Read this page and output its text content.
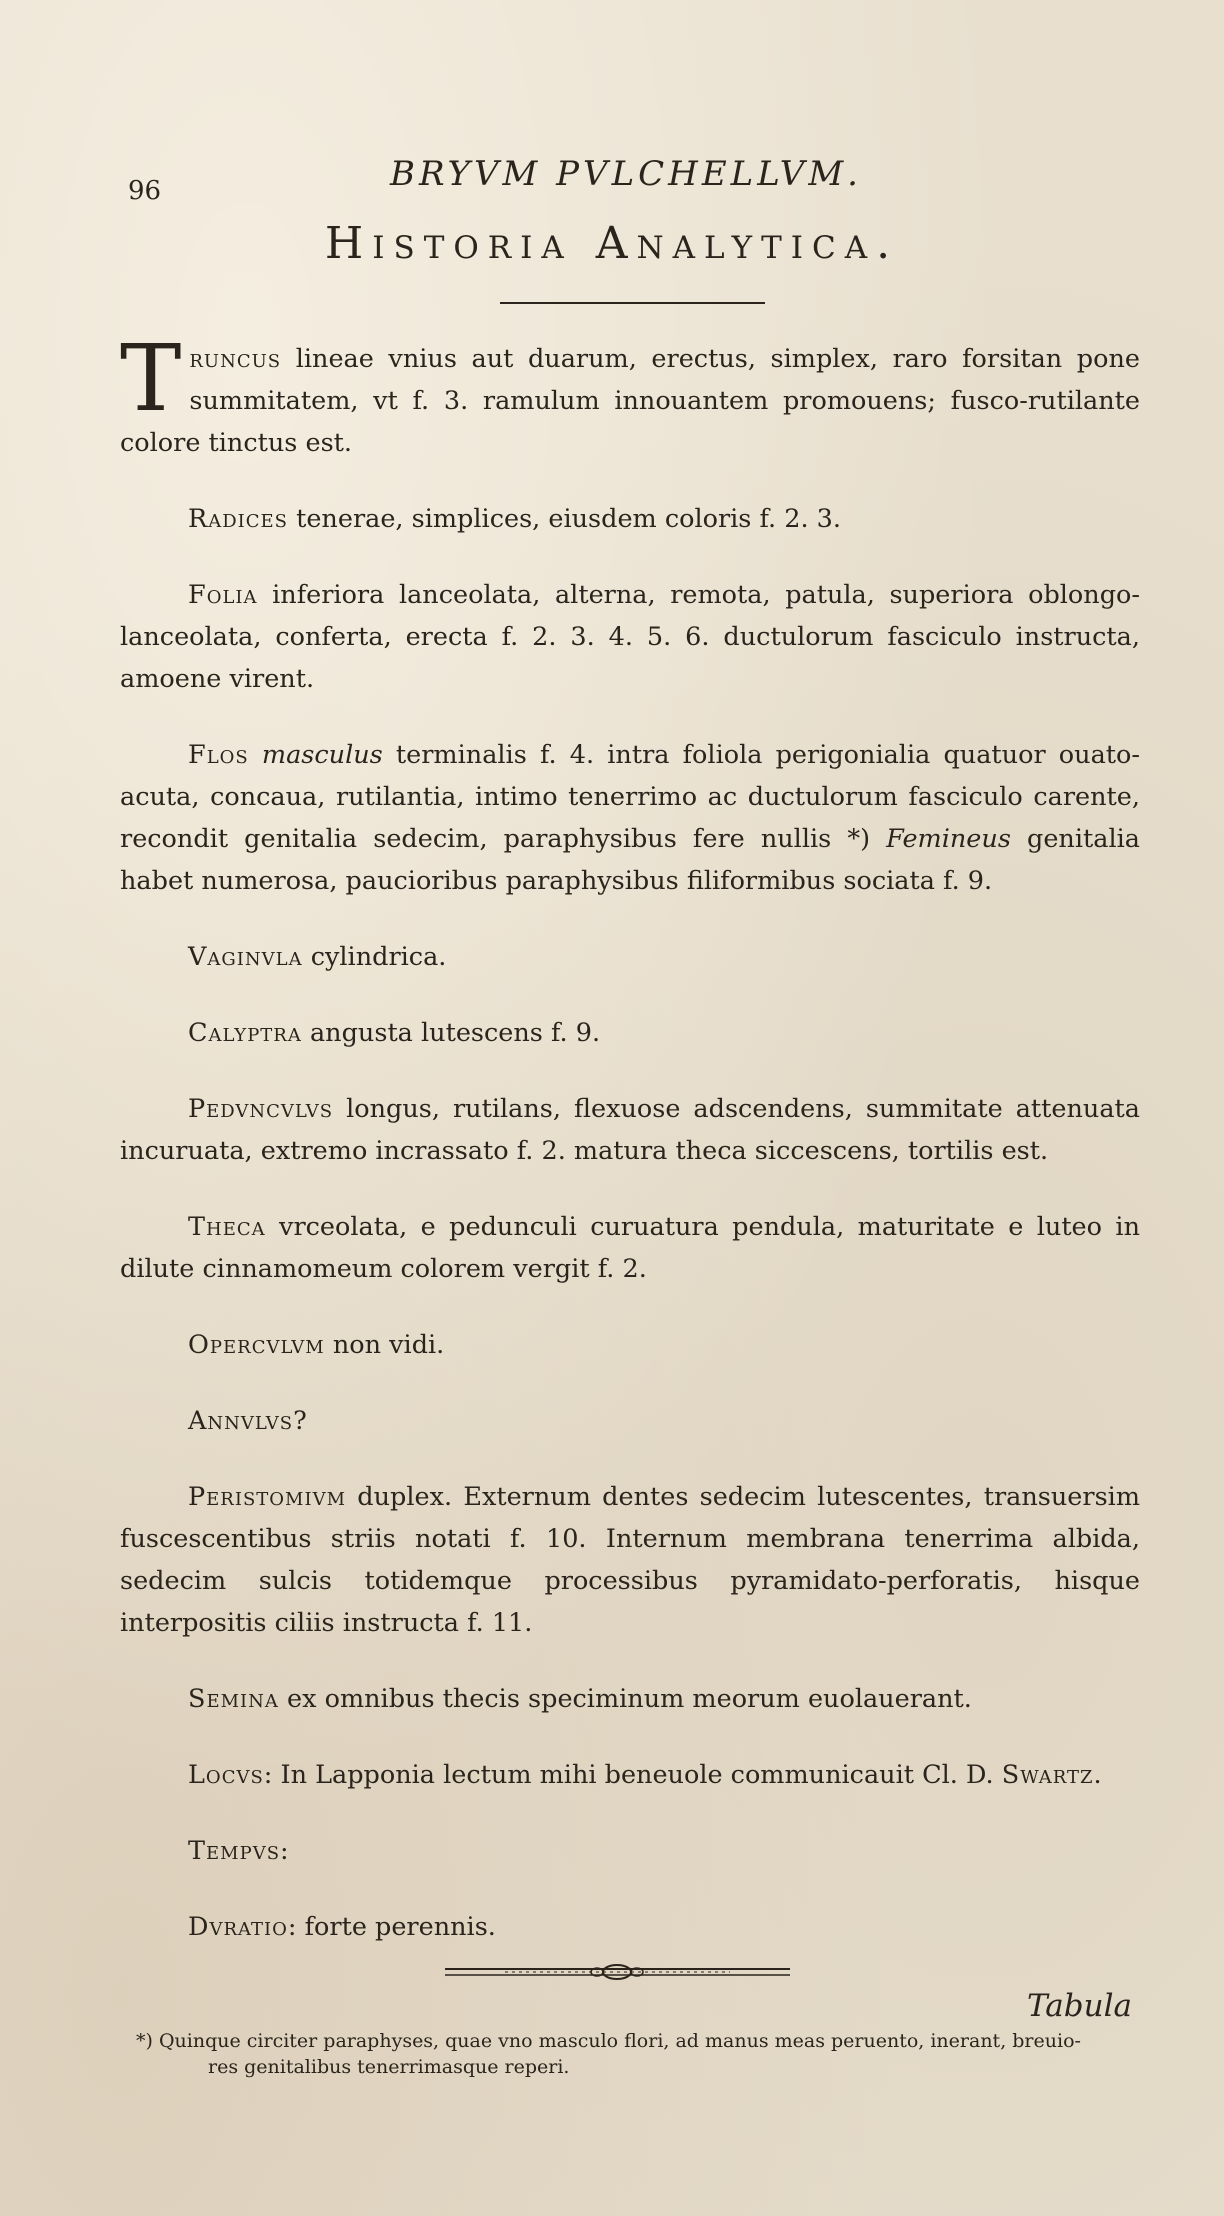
96	BRYVM PVLCHELLVM.
Historia Analytica.

Truncus lineae vnius aut duarum, erectus, simplex, raro forsitan pone summitatem, vt f. 3. ramulum innouantem promouens; fusco-rutilante colore tinctus est.

Radices tenerae, simplices, eiusdem coloris f. 2. 3.

Folia inferiora lanceolata, alterna, remota, patula, superiora oblongo-lanceolata, conferta, erecta f. 2. 3. 4. 5. 6. ductulorum fasciculo instructa, amoene virent.

Flos masculus terminalis f. 4. intra foliola perigonialia quatuor ouato-acuta, concaua, rutilantia, intimo tenerrimo ac ductulorum fasciculo carente, recondit genitalia sedecim, paraphysibus fere nullis *) Femineus genitalia habet numerosa, paucioribus paraphysibus filiformibus sociata f. 9.

Vaginvla cylindrica.

Calyptra angusta lutescens f. 9.

Pedvncvlvs longus, rutilans, flexuose adscendens, summitate attenuata incuruata, extremo incrassato f. 2. matura theca siccescens, tortilis est.

Theca vrceolata, e pedunculi curuatura pendula, maturitate e luteo in dilute cinnamomeum colorem vergit f. 2.

Opercvlvm non vidi.

Annvlvs?

Peristomivm duplex. Externum dentes sedecim lutescentes, transuersim fuscescentibus striis notati f. 10. Internum membrana tenerrima albida, sedecim sulcis totidemque processibus pyramidato-perforatis, hisque interpositis ciliis instructa f. 11.

Semina ex omnibus thecis speciminum meorum euolauerant.

Locvs: In Lapponia lectum mihi beneuole communicauit Cl. D. Swartz.

Tempvs:

Dvratio: forte perennis.

Tabula
*) Quinque circiter paraphyses, quae vno masculo flori, ad manus meas peruento, inerant, breuio-
res genitalibus tenerrimasque reperi.
